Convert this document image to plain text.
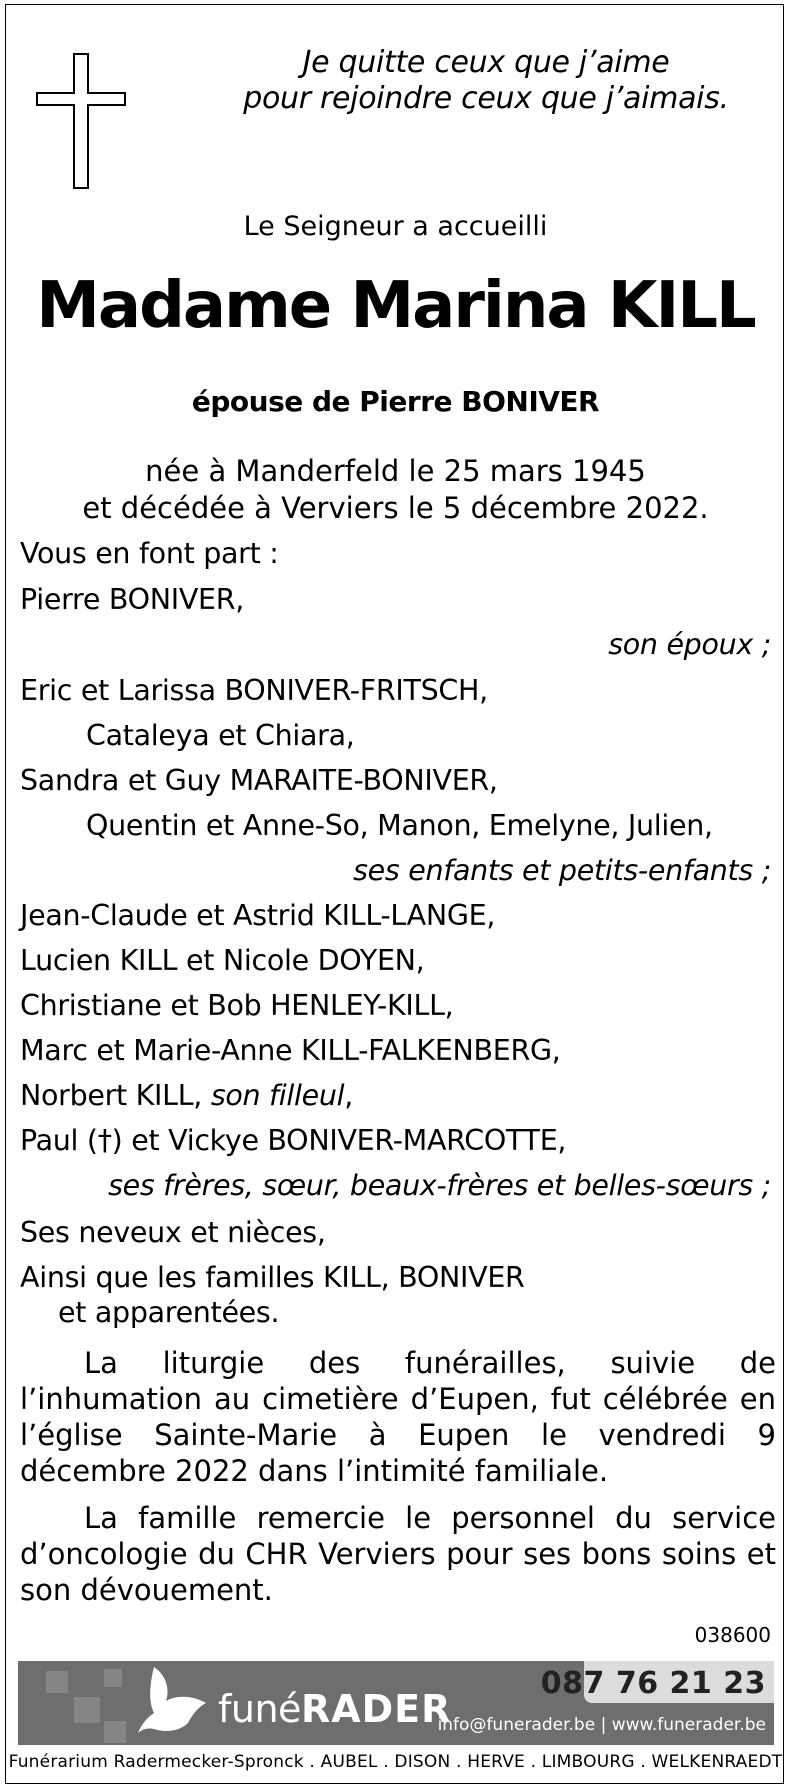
Je quitte ceux que j’aime
pour rejoindre ceux que j’aimais.
Le Seigneur a accueilli
Madame Marina KILL
épouse de Pierre BONIVER
née à Manderfeld le 25 mars 1945
et décédée à Verviers le 5 décembre 2022.
Vous en font part :
Pierre BONIVER,
son époux ;
Eric et Larissa BONIVER-FRITSCH,
Cataleya et Chiara,
Sandra et Guy MARAITE-BONIVER,
Quentin et Anne-So, Manon, Emelyne, Julien,
ses enfants et petits-enfants ;
Jean-Claude et Astrid KILL-LANGE,
Lucien KILL et Nicole DOYEN,
Christiane et Bob HENLEY-KILL,
Marc et Marie-Anne KILL-FALKENBERG,
Norbert KILL, son filleul,
Paul (†) et Vickye BONIVER-MARCOTTE,
ses frères, sœur, beaux-frères et belles-sœurs ;
Ses neveux et nièces,
Ainsi que les familles KILL, BONIVER
et apparentées.
La liturgie des funérailles, suivie de l’inhumation au cimetière d’Eupen, fut célébrée en l’église Sainte-Marie à Eupen le vendredi 9 décembre 2022 dans l’intimité familiale.
La famille remercie le personnel du service d’oncologie du CHR Verviers pour ses bons soins et son dévouement.
038600
funéRADER
087 76 21 23
info@funerader.be | www.funerader.be
Funérarium Radermecker-Spronck . AUBEL . DISON . HERVE . LIMBOURG . WELKENRAEDT
